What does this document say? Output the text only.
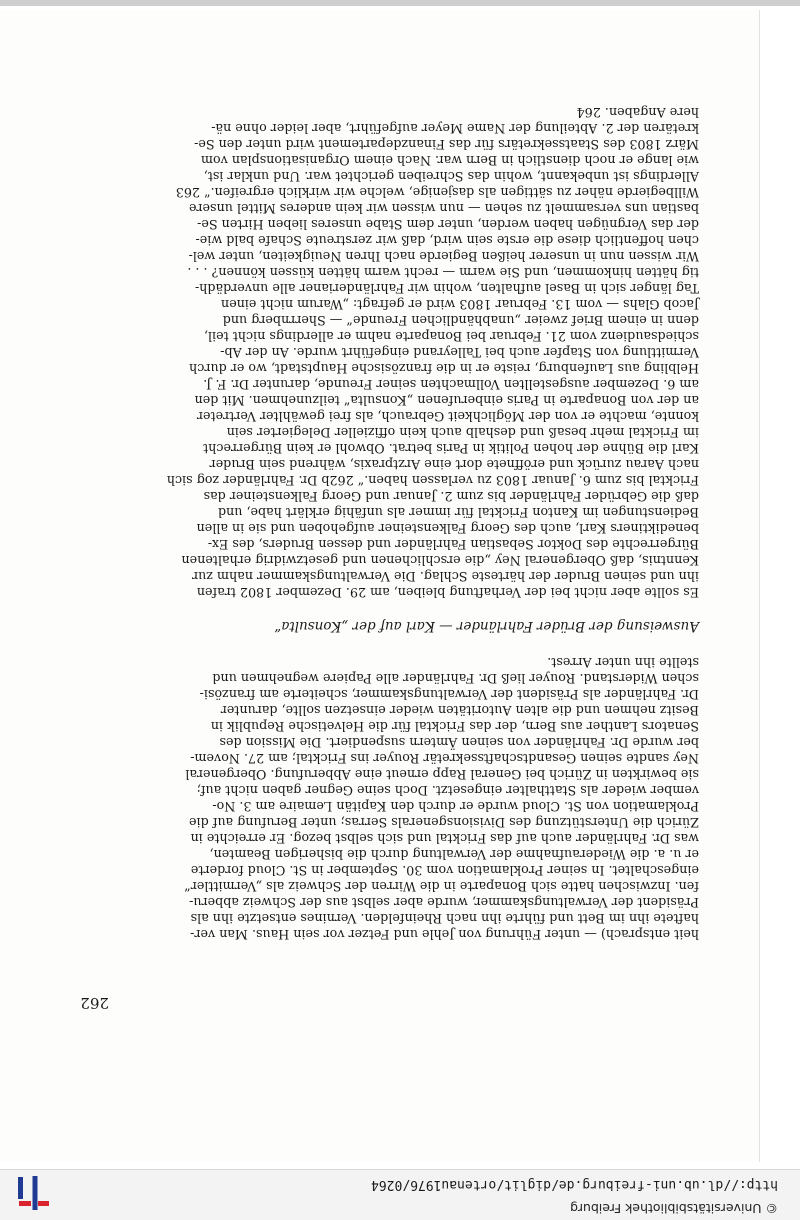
© Universitätsbibliothek Freiburg
http://dl.ub.uni-freiburg.de/diglit/ortenau1976/0264
262
heit entsprach) — unter Führung von Jehle und Fetzer vor sein Haus. Man ver-
haftete ihn im Bett und führte ihn nach Rheinfelden. Vernines entsetzte ihn als
Präsident der Verwaltungskammer, wurde aber selbst aus der Schweiz abberu-
fen. Inzwischen hatte sich Bonaparte in die Wirren der Schweiz als „Vermittler“
eingeschaltet. In seiner Proklamation vom 30. September in St. Cloud forderte
er u. a. die Wiederaufnahme der Verwaltung durch die bisherigen Beamten,
was Dr. Fahrländer auch auf das Fricktal und sich selbst bezog. Er erreichte in
Zürich die Unterstützung des Divisionsgenerals Serras; unter Berufung auf die
Proklamation von St. Cloud wurde er durch den Kapitän Lemaire am 3. No-
vember wieder als Statthalter eingesetzt. Doch seine Gegner gaben nicht auf;
sie bewirkten in Zürich bei General Rapp erneut eine Abberufung. Obergeneral
Ney sandte seinen Gesandtschaftssekretär Rouyer ins Fricktal; am 27. Novem-
ber wurde Dr. Fahrländer von seinen Ämtern suspendiert. Die Mission des
Senators Lanther aus Bern, der das Fricktal für die Helvetische Republik in
Besitz nehmen und die alten Autoritäten wieder einsetzen sollte, darunter
Dr. Fahrländer als Präsident der Verwaltungskammer, scheiterte am französi-
schen Widerstand. Rouyer ließ Dr. Fahrländer alle Papiere wegnehmen und
stellte ihn unter Arrest.
Ausweisung der Brüder Fahrländer — Karl auf der „Konsulta“
Es sollte aber nicht bei der Verhaftung bleiben, am 29. Dezember 1802 trafen
ihn und seinen Bruder der härteste Schlag. Die Verwaltungskammer nahm zur
Kenntnis, daß Obergeneral Ney „die erschlichenen und gesetzwidrig erhaltenen
Bürgerrechte des Doktor Sebastian Fahrländer und dessen Bruders, des Ex-
benediktiners Karl, auch des Georg Falkensteiner aufgehoben und sie in allen
Bedienstungen im Kanton Fricktal für immer als unfähig erklärt habe, und
daß die Gebrüder Fahrländer bis zum 2. Januar und Georg Falkensteiner das
Fricktal bis zum 6. Januar 1803 zu verlassen haben.“ 262b Dr. Fahrländer zog sich
nach Aarau zurück und eröffnete dort eine Arztpraxis, während sein Bruder
Karl die Bühne der hohen Politik in Paris betrat. Obwohl er kein Bürgerrecht
im Fricktal mehr besaß und deshalb auch kein offizieller Delegierter sein
konnte, machte er von der Möglichkeit Gebrauch, als frei gewählter Vertreter
an der von Bonaparte in Paris einberufenen „Konsulta“ teilzunehmen. Mit den
am 6. Dezember ausgestellten Vollmachten seiner Freunde, darunter Dr. F. J.
Helbling aus Laufenburg, reiste er in die französische Hauptstadt, wo er durch
Vermittlung von Stapfer auch bei Talleyrand eingeführt wurde. An der Ab-
schiedsaudienz vom 21. Februar bei Bonaparte nahm er allerdings nicht teil,
denn in einem Brief zweier „unabhändlichen Freunde“ — Sherrnberg und
Jacob Glahs — vom 13. Februar 1803 wird er gefragt: „Warum nicht einen
Tag länger sich in Basel aufhalten, wohin wir Fahrländerianer alle unverdädh-
tig hätten hinkommen, und Sie warm — recht warm hätten küssen können? . . .
Wir wissen nun in unserer heißen Begierde nach Ihren Neuigkeiten, unter wel-
chen hoffentlich diese die erste sein wird, daß wir zerstreute Schafe bald wie-
der das Vergnügen haben werden, unter dem Stabe unseres lieben Hirten Se-
bastian uns versammelt zu sehen — nun wissen wir kein anderes Mittel unsere
Willbegierde näher zu sättigen als dasjenige, welche wir wirklich ergreifen.“ 263
Allerdings ist unbekannt, wohin das Schreiben gerichtet war. Und unklar ist,
wie lange er noch dienstlich in Bern war. Nach einem Organisationsplan vom
März 1803 des Staatssekretärs für das Finanzdepartement wird unter den Se-
kretären der 2. Abteilung der Name Meyer aufgeführt, aber leider ohne nä-
here Angaben. 264
